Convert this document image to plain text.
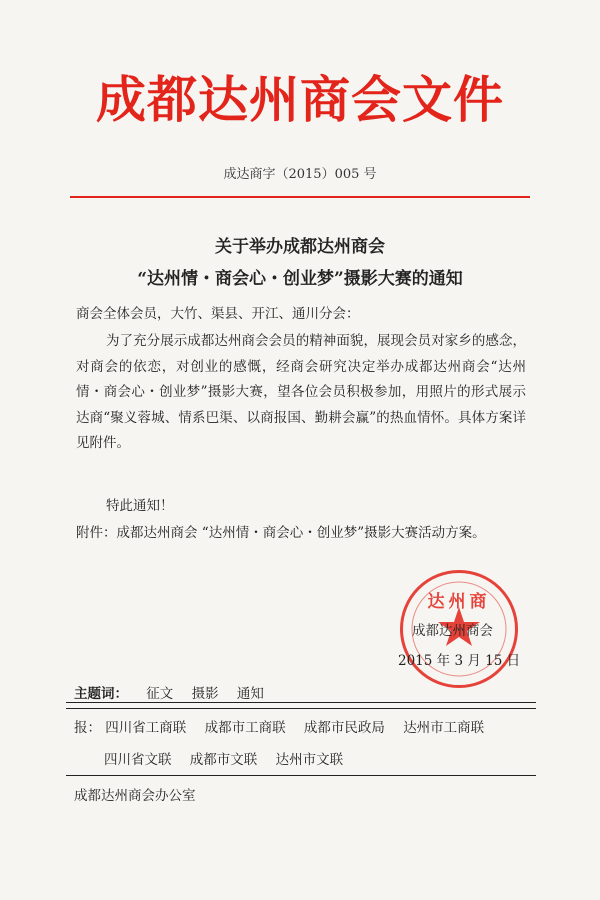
成都达州商会文件
成达商字（2015）005 号
关于举办成都达州商会
“达州情・商会心・创业梦”摄影大赛的通知
商会全体会员，大竹、渠县、开江、通川分会：
为了充分展示成都达州商会会员的精神面貌，展现会员对家乡的感念，对商会的依恋，对创业的感慨，经商会研究决定举办成都达州商会“达州情・商会心・创业梦”摄影大赛，望各位会员积极参加，用照片的形式展示达商“聚义蓉城、情系巴渠、以商报国、勤耕会赢”的热血情怀。具体方案详见附件。
特此通知！
附件：成都达州商会 “达州情・商会心・创业梦”摄影大赛活动方案。
达州商
成都达州商会
2015 年 3 月 15 日
主题词： 征文 摄影 通知
报： 四川省工商联 成都市工商联 成都市民政局 达州市工商联
四川省文联 成都市文联 达州市文联
成都达州商会办公室
